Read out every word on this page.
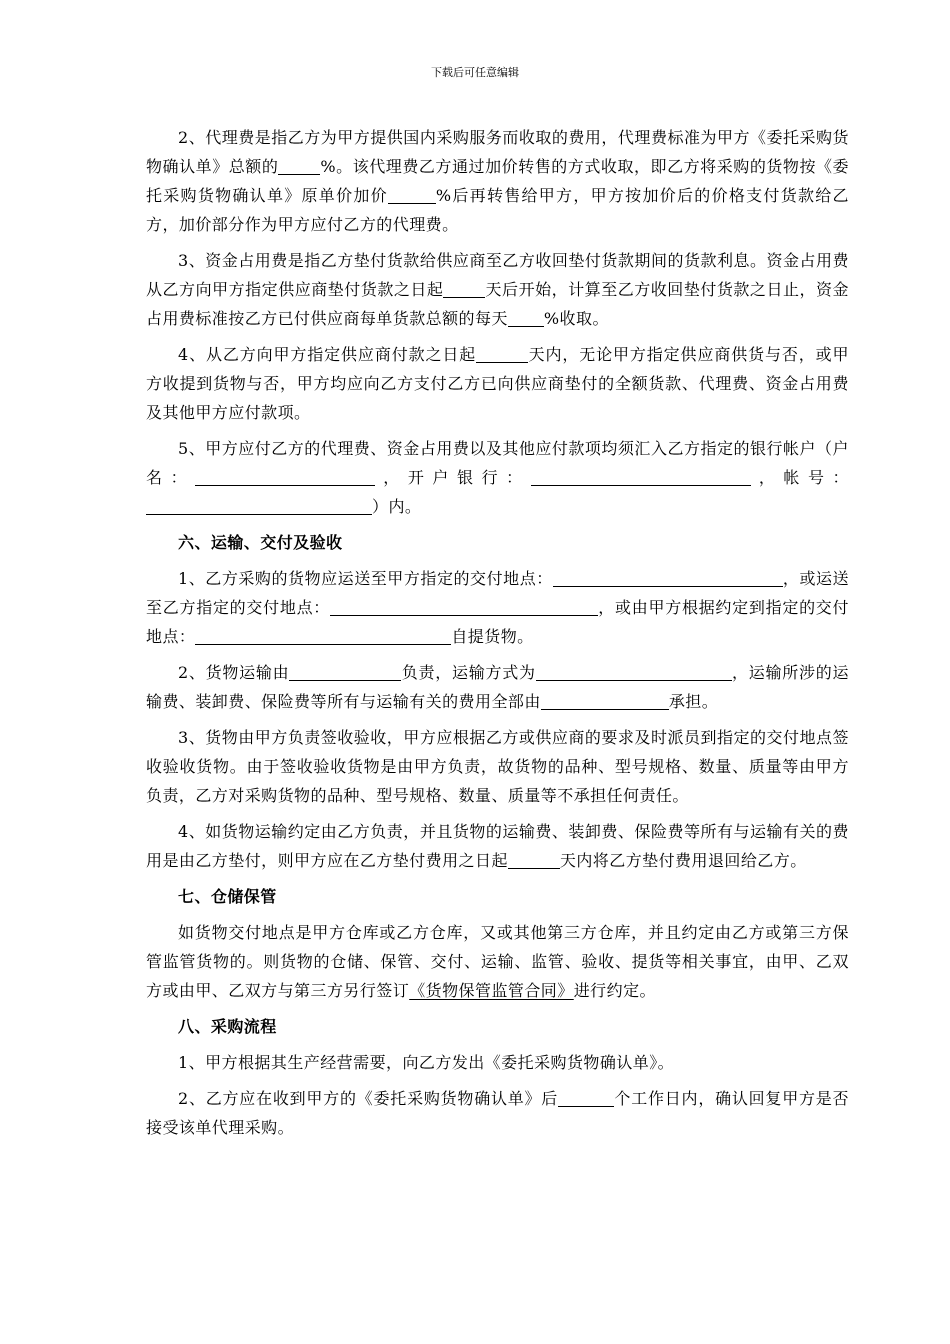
下载后可任意编辑

2、代理费是指乙方为甲方提供国内采购服务而收取的费用，代理费标准为甲方《委托采购货物确认单》总额的	%。该代理费乙方通过加价转售的方式收取，即乙方将采购的货物按《委托采购货物确认单》原单价加价	%后再转售给甲方，甲方按加价后的价格支付货款给乙方，加价部分作为甲方应付乙方的代理费。

3、资金占用费是指乙方垫付货款给供应商至乙方收回垫付货款期间的货款利息。资金占用费从乙方向甲方指定供应商垫付货款之日起	天后开始，计算至乙方收回垫付货款之日止，资金占用费标准按乙方已付供应商每单货款总额的每天 %收取。

4、从乙方向甲方指定供应商付款之日起	天内，无论甲方指定供应商供货与否，或甲方收提到货物与否，甲方均应向乙方支付乙方已向供应商垫付的全额货款、代理费、资金占用费及其他甲方应付款项。

5、甲方应付乙方的代理费、资金占用费以及其他应付款项均须汇入乙方指定的银行帐户（户名：	，开户银行：	，帐号：）内。

六、运输、交付及验收

1、乙方采购的货物应运送至甲方指定的交付地点：	，或运送至乙方指定的交付地点：	，或由甲方根据约定到指定的交付地点：	自提货物。

2、货物运输由	负责，运输方式为	，运输所涉的运输费、装卸费、保险费等所有与运输有关的费用全部由	承担。

3、货物由甲方负责签收验收，甲方应根据乙方或供应商的要求及时派员到指定的交付地点签收验收货物。由于签收验收货物是由甲方负责，故货物的品种、型号规格、数量、质量等由甲方负责，乙方对采购货物的品种、型号规格、数量、质量等不承担任何责任。

4、如货物运输约定由乙方负责，并且货物的运输费、装卸费、保险费等所有与运输有关的费用是由乙方垫付，则甲方应在乙方垫付费用之日起	天内将乙方垫付费用退回给乙方。

七、仓储保管

如货物交付地点是甲方仓库或乙方仓库，又或其他第三方仓库，并且约定由乙方或第三方保管监管货物的。则货物的仓储、保管、交付、运输、监管、验收、提货等相关事宜，由甲、乙双方或由甲、乙双方与第三方另行签订《货物保管监管合同》进行约定。

八、采购流程

1、甲方根据其生产经营需要，向乙方发出《委托采购货物确认单》。

2、乙方应在收到甲方的《委托采购货物确认单》后	个工作日内，确认回复甲方是否接受该单代理采购。
